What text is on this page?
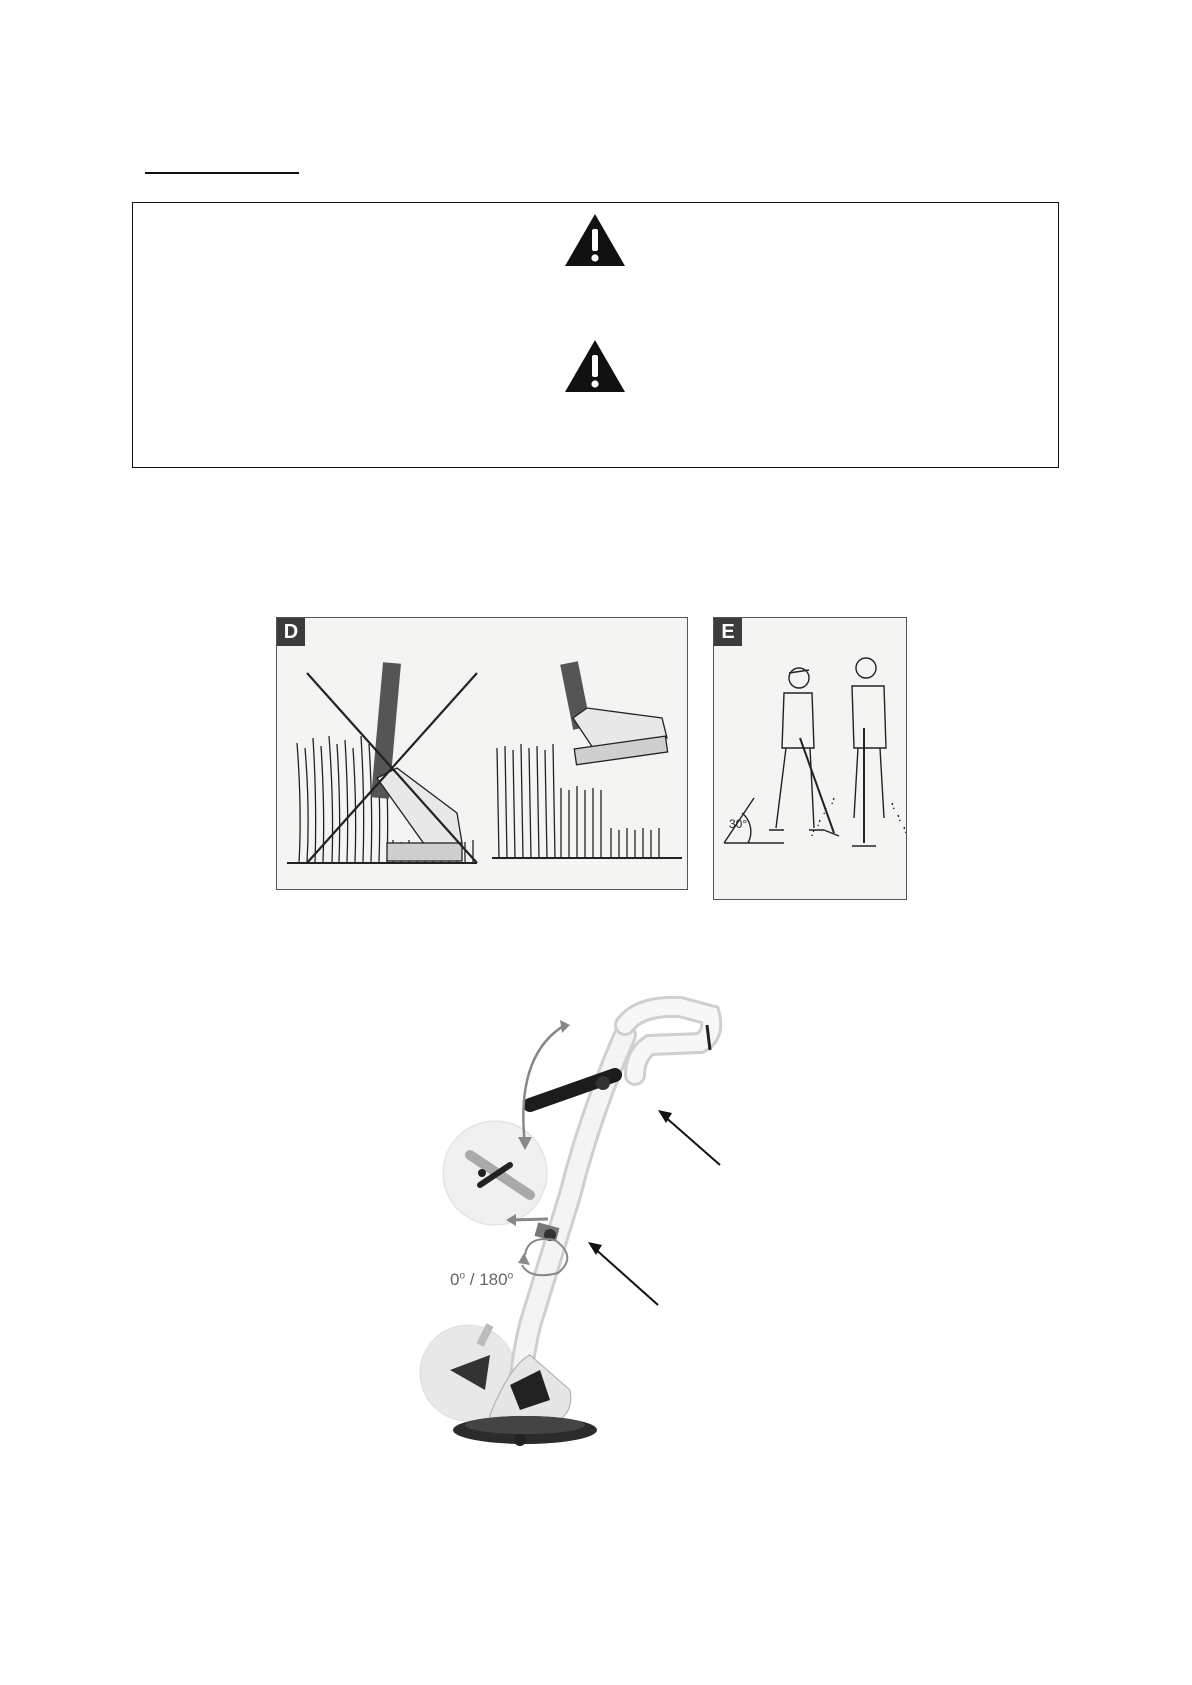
D
30°
E
0$^o$ / 180$^o$
